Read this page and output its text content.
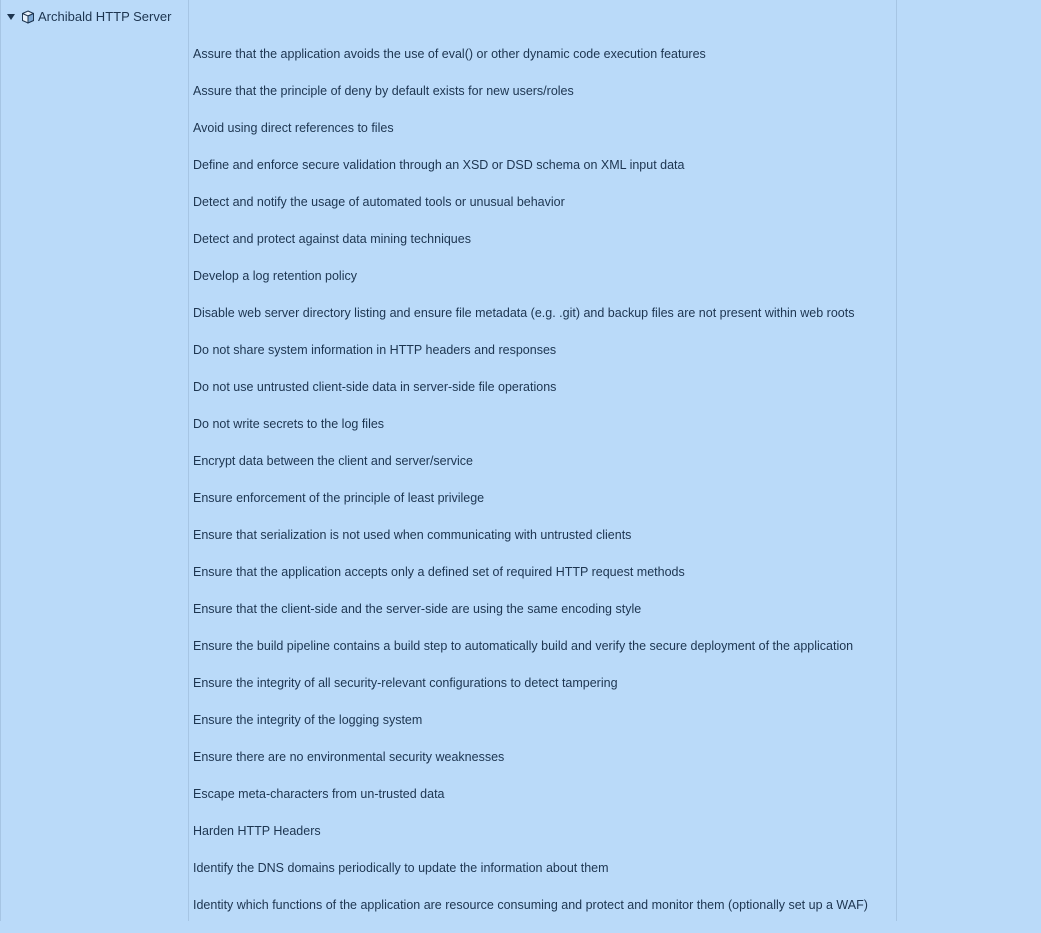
Archibald HTTP Server
Assure that the application avoids the use of eval() or other dynamic code execution features
Assure that the principle of deny by default exists for new users/roles
Avoid using direct references to files
Define and enforce secure validation through an XSD or DSD schema on XML input data
Detect and notify the usage of automated tools or unusual behavior
Detect and protect against data mining techniques
Develop a log retention policy
Disable web server directory listing and ensure file metadata (e.g. .git) and backup files are not present within web roots
Do not share system information in HTTP headers and responses
Do not use untrusted client-side data in server-side file operations
Do not write secrets to the log files
Encrypt data between the client and server/service
Ensure enforcement of the principle of least privilege
Ensure that serialization is not used when communicating with untrusted clients
Ensure that the application accepts only a defined set of required HTTP request methods
Ensure that the client-side and the server-side are using the same encoding style
Ensure the build pipeline contains a build step to automatically build and verify the secure deployment of the application
Ensure the integrity of all security-relevant configurations to detect tampering
Ensure the integrity of the logging system
Ensure there are no environmental security weaknesses
Escape meta-characters from un-trusted data
Harden HTTP Headers
Identify the DNS domains periodically to update the information about them
Identity which functions of the application are resource consuming and protect and monitor them (optionally set up a WAF)
